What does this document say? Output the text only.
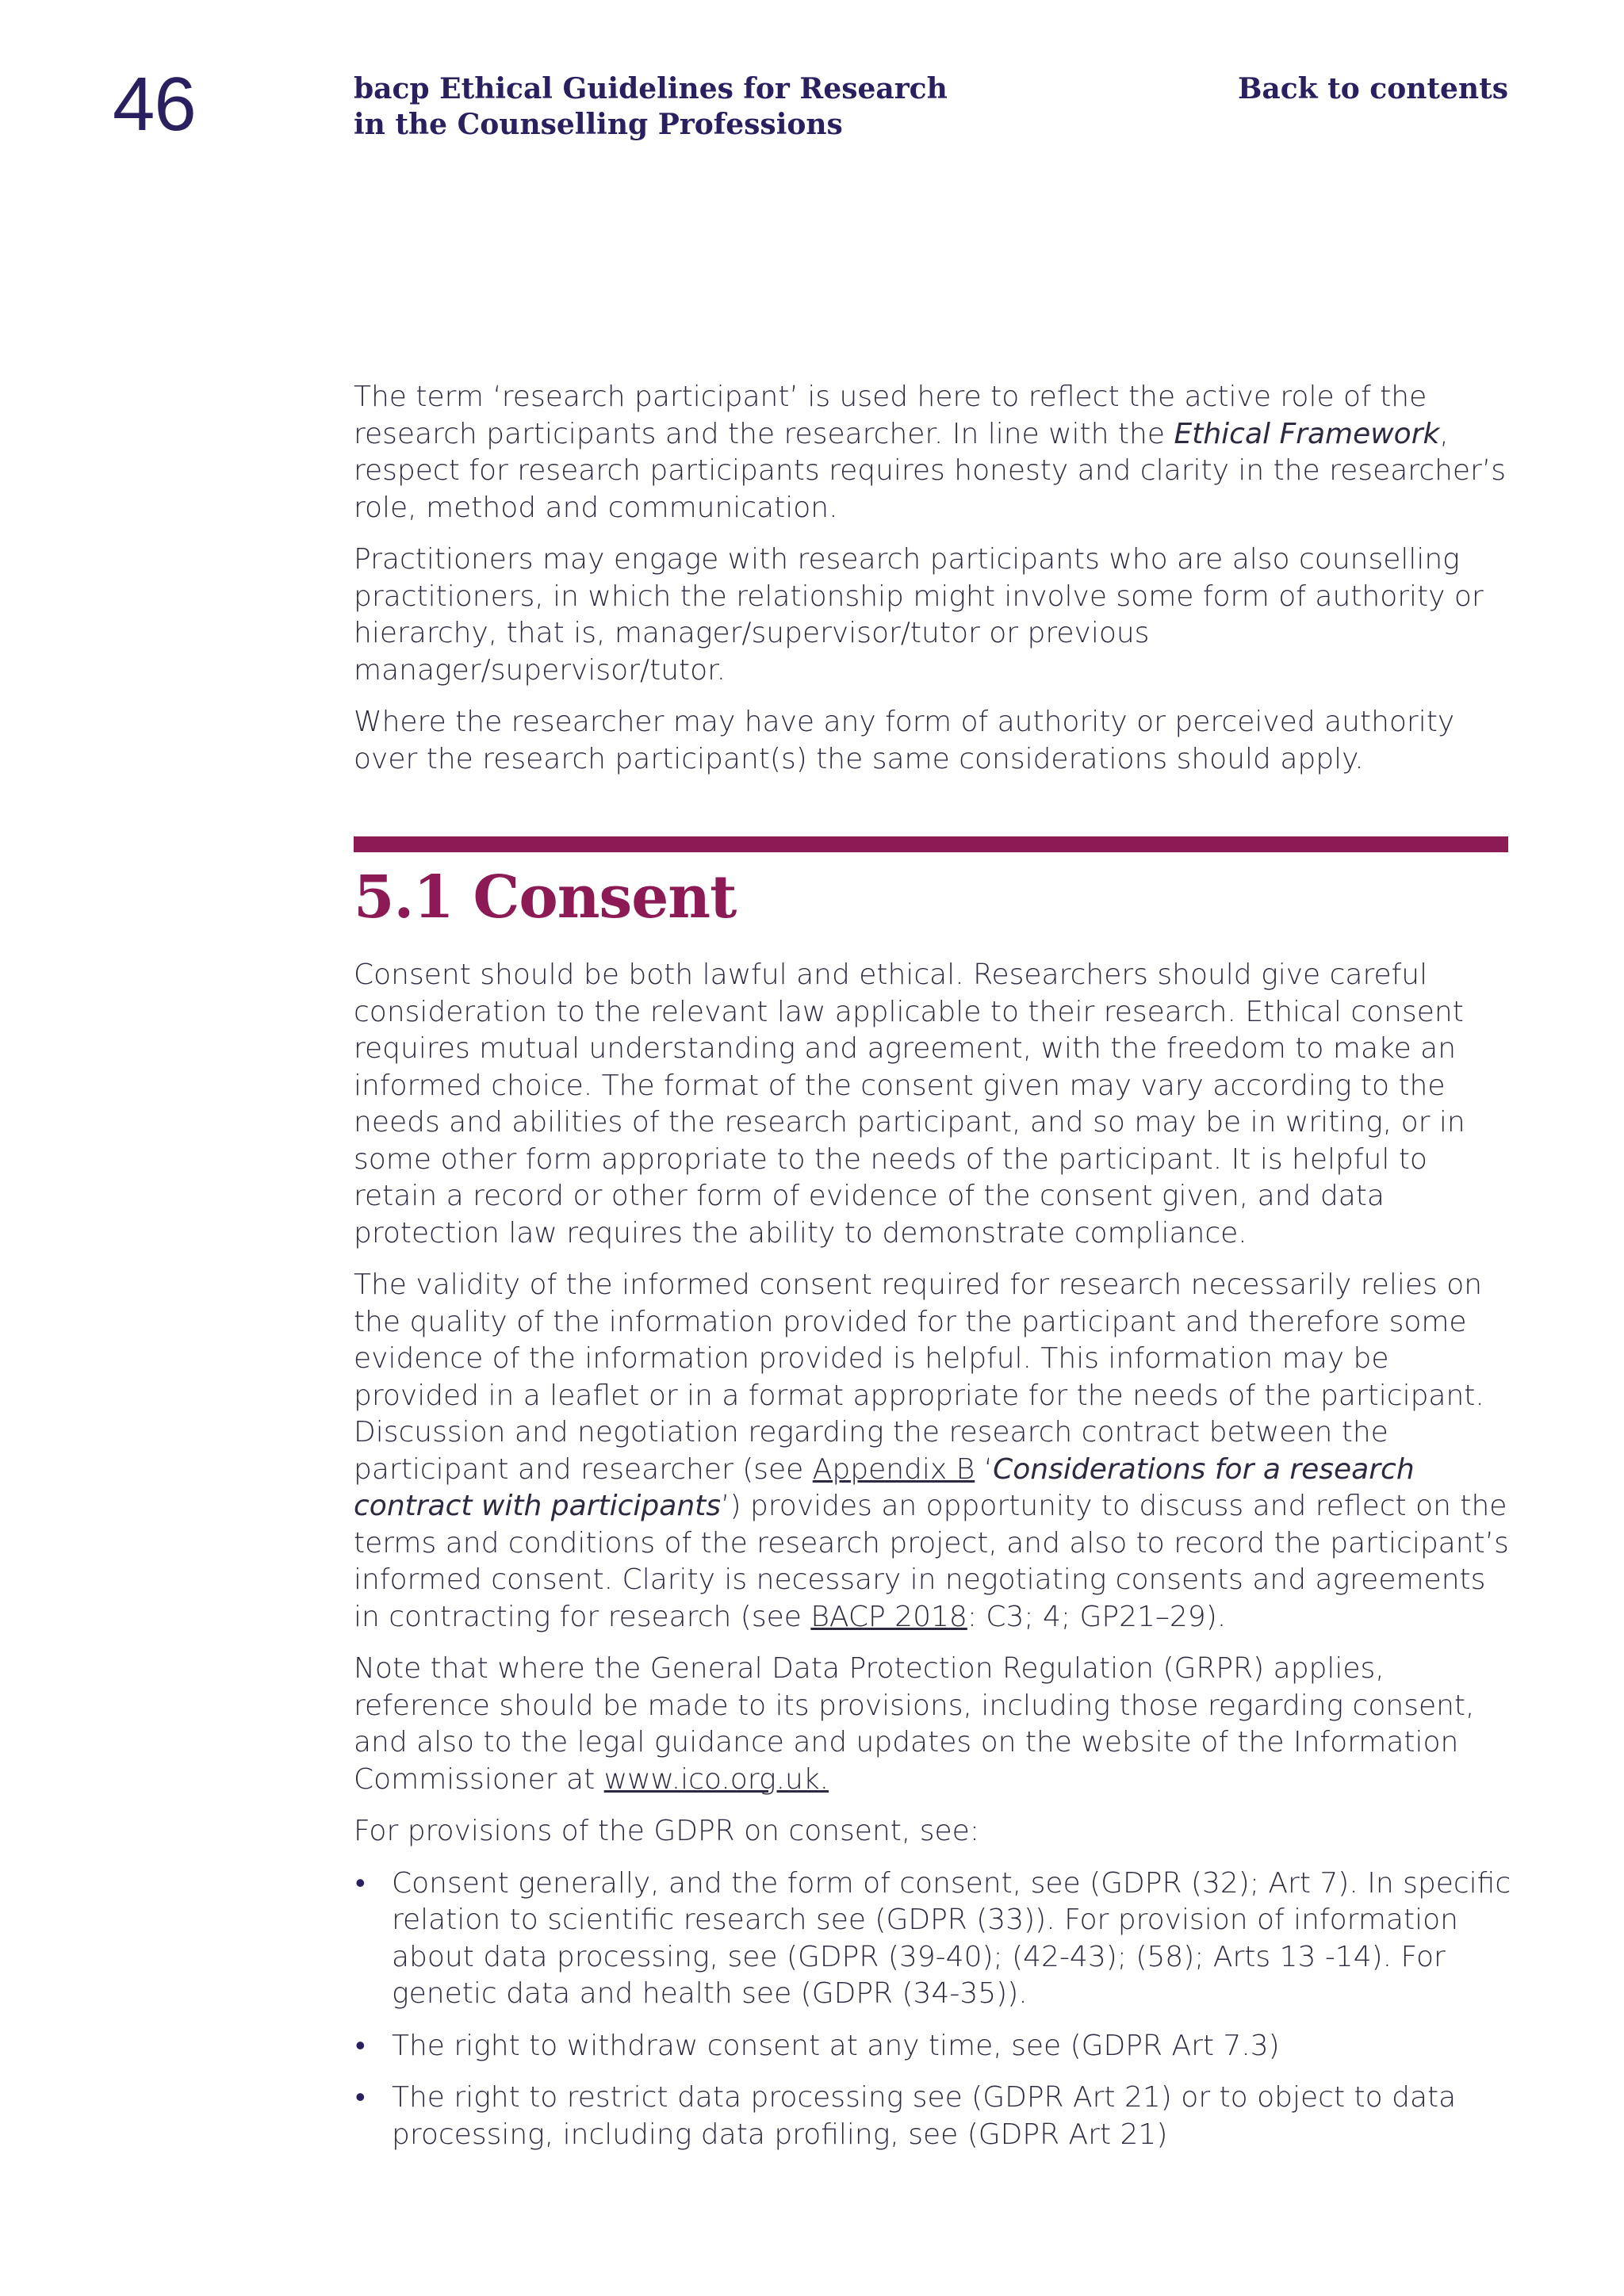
46	bacp Ethical Guidelines for Research
in the Counselling Professions
Back to contents

The term ‘research participant’ is used here to reflect the active role of the research participants and the researcher. In line with the Ethical Framework, respect for research participants requires honesty and clarity in the researcher’s role, method and communication.

Practitioners may engage with research participants who are also counselling practitioners, in which the relationship might involve some form of authority or hierarchy, that is, manager/supervisor/tutor or previous manager/supervisor/tutor.

Where the researcher may have any form of authority or perceived authority over the research participant(s) the same considerations should apply.

5.1 Consent

Consent should be both lawful and ethical. Researchers should give careful consideration to the relevant law applicable to their research. Ethical consent requires mutual understanding and agreement, with the freedom to make an informed choice. The format of the consent given may vary according to the needs and abilities of the research participant, and so may be in writing, or in some other form appropriate to the needs of the participant. It is helpful to retain a record or other form of evidence of the consent given, and data protection law requires the ability to demonstrate compliance.

The validity of the informed consent required for research necessarily relies on the quality of the information provided for the participant and therefore some evidence of the information provided is helpful. This information may be provided in a leaflet or in a format appropriate for the needs of the participant. Discussion and negotiation regarding the research contract between the participant and researcher (see Appendix B ‘Considerations for a research contract with participants’) provides an opportunity to discuss and reflect on the terms and conditions of the research project, and also to record the participant’s informed consent. Clarity is necessary in negotiating consents and agreements in contracting for research (see BACP 2018: C3; 4; GP21–29).

Note that where the General Data Protection Regulation (GRPR) applies, reference should be made to its provisions, including those regarding consent, and also to the legal guidance and updates on the website of the Information Commissioner at www.ico.org.uk.

For provisions of the GDPR on consent, see:

• Consent generally, and the form of consent, see (GDPR (32); Art 7). In specific relation to scientific research see (GDPR (33)). For provision of information about data processing, see (GDPR (39-40); (42-43); (58); Arts 13 -14). For genetic data and health see (GDPR (34-35)).
• The right to withdraw consent at any time, see (GDPR Art 7.3)
• The right to restrict data processing see (GDPR Art 21) or to object to data processing, including data profiling, see (GDPR Art 21)
